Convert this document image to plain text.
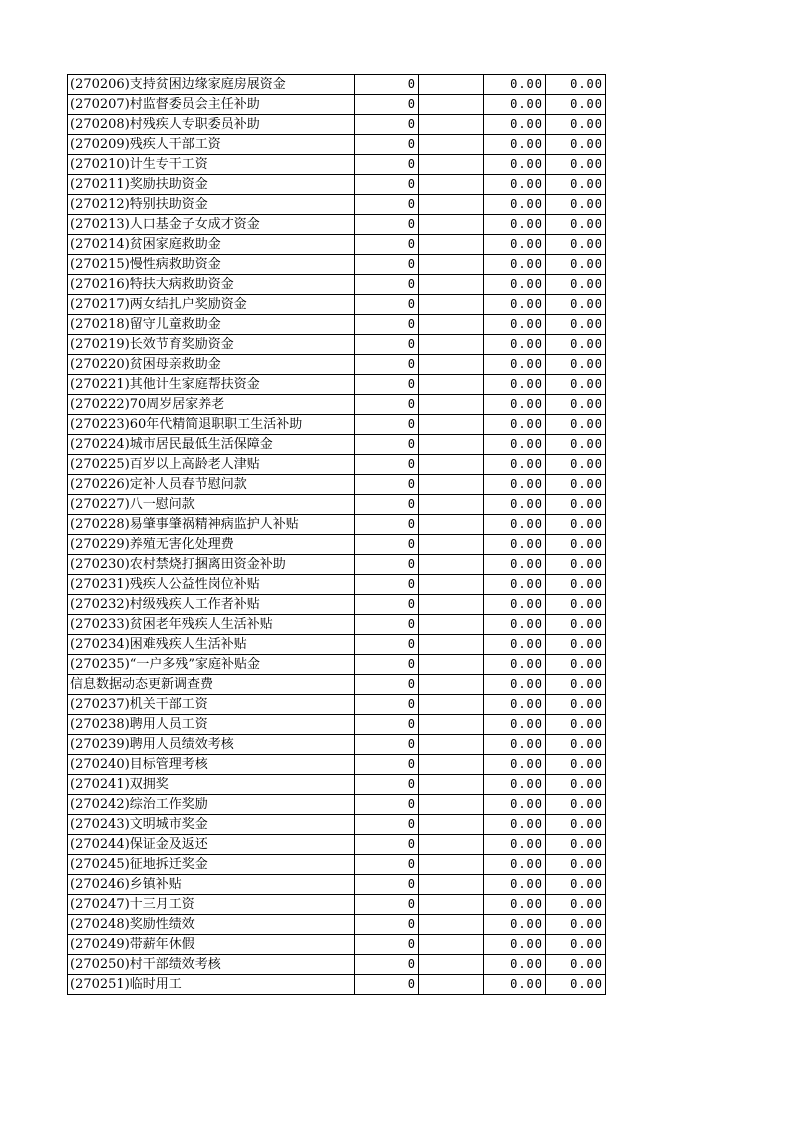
(270206)支持贫困边缘家庭房展资金	0		0.00	0.00
(270207)村监督委员会主任补助	0		0.00	0.00
(270208)村残疾人专职委员补助	0		0.00	0.00
(270209)残疾人干部工资	0		0.00	0.00
(270210)计生专干工资	0		0.00	0.00
(270211)奖励扶助资金	0		0.00	0.00
(270212)特别扶助资金	0		0.00	0.00
(270213)人口基金子女成才资金	0		0.00	0.00
(270214)贫困家庭救助金	0		0.00	0.00
(270215)慢性病救助资金	0		0.00	0.00
(270216)特扶大病救助资金	0		0.00	0.00
(270217)两女结扎户奖励资金	0		0.00	0.00
(270218)留守儿童救助金	0		0.00	0.00
(270219)长效节育奖励资金	0		0.00	0.00
(270220)贫困母亲救助金	0		0.00	0.00
(270221)其他计生家庭帮扶资金	0		0.00	0.00
(270222)70周岁居家养老	0		0.00	0.00
(270223)60年代精简退职职工生活补助	0		0.00	0.00
(270224)城市居民最低生活保障金	0		0.00	0.00
(270225)百岁以上高龄老人津贴	0		0.00	0.00
(270226)定补人员春节慰问款	0		0.00	0.00
(270227)八一慰问款	0		0.00	0.00
(270228)易肇事肇祸精神病监护人补贴	0		0.00	0.00
(270229)养殖无害化处理费	0		0.00	0.00
(270230)农村禁烧打捆离田资金补助	0		0.00	0.00
(270231)残疾人公益性岗位补贴	0		0.00	0.00
(270232)村级残疾人工作者补贴	0		0.00	0.00
(270233)贫困老年残疾人生活补贴	0		0.00	0.00
(270234)困难残疾人生活补贴	0		0.00	0.00
(270235)“一户多残”家庭补贴金	0		0.00	0.00
信息数据动态更新调查费	0		0.00	0.00
(270237)机关干部工资	0		0.00	0.00
(270238)聘用人员工资	0		0.00	0.00
(270239)聘用人员绩效考核	0		0.00	0.00
(270240)目标管理考核	0		0.00	0.00
(270241)双拥奖	0		0.00	0.00
(270242)综治工作奖励	0		0.00	0.00
(270243)文明城市奖金	0		0.00	0.00
(270244)保证金及返还	0		0.00	0.00
(270245)征地拆迁奖金	0		0.00	0.00
(270246)乡镇补贴	0		0.00	0.00
(270247)十三月工资	0		0.00	0.00
(270248)奖励性绩效	0		0.00	0.00
(270249)带薪年休假	0		0.00	0.00
(270250)村干部绩效考核	0		0.00	0.00
(270251)临时用工	0		0.00	0.00
